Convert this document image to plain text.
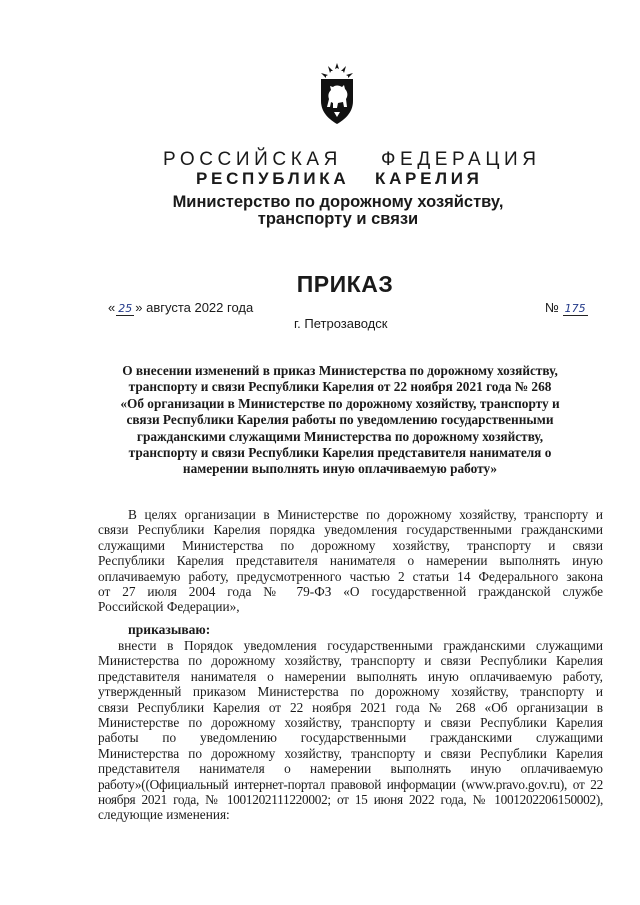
РОССИЙСКАЯ ФЕДЕРАЦИЯ
РЕСПУБЛИКА КАРЕЛИЯ
Министерство по дорожному хозяйству,
транспорту и связи
ПРИКАЗ
« 25 » августа 2022 года	№ 175
г. Петрозаводск
О внесении изменений в приказ Министерства по дорожному хозяйству,
транспорту и связи Республики Карелия от 22 ноября 2021 года № 268
«Об организации в Министерстве по дорожному хозяйству, транспорту и
связи Республики Карелия работы по уведомлению государственными
гражданскими служащими Министерства по дорожному хозяйству,
транспорту и связи Республики Карелия представителя нанимателя о
намерении выполнять иную оплачиваемую работу»
В целях организации в Министерстве по дорожному хозяйству, транспорту и
связи Республики Карелия порядка уведомления государственными гражданскими
служащими Министерства по дорожному хозяйству, транспорту и связи
Республики Карелия представителя нанимателя о намерении выполнять иную
оплачиваемую работу, предусмотренного частью 2 статьи 14 Федерального закона
от 27 июля 2004 года № 79-ФЗ «О государственной гражданской службе
Российской Федерации»,
приказываю:
внести в Порядок уведомления государственными гражданскими служащими
Министерства по дорожному хозяйству, транспорту и связи Республики Карелия
представителя нанимателя о намерении выполнять иную оплачиваемую работу,
утвержденный приказом Министерства по дорожному хозяйству, транспорту и
связи Республики Карелия от 22 ноября 2021 года № 268 «Об организации в
Министерстве по дорожному хозяйству, транспорту и связи Республики Карелия
работы по уведомлению государственными гражданскими служащими
Министерства по дорожному хозяйству, транспорту и связи Республики Карелия
представителя нанимателя о намерении выполнять иную оплачиваемую
работу»((Официальный интернет-портал правовой информации (www.pravo.gov.ru), от 22
ноября 2021 года, № 1001202111220002; от 15 июня 2022 года, № 1001202206150002),
следующие изменения:
